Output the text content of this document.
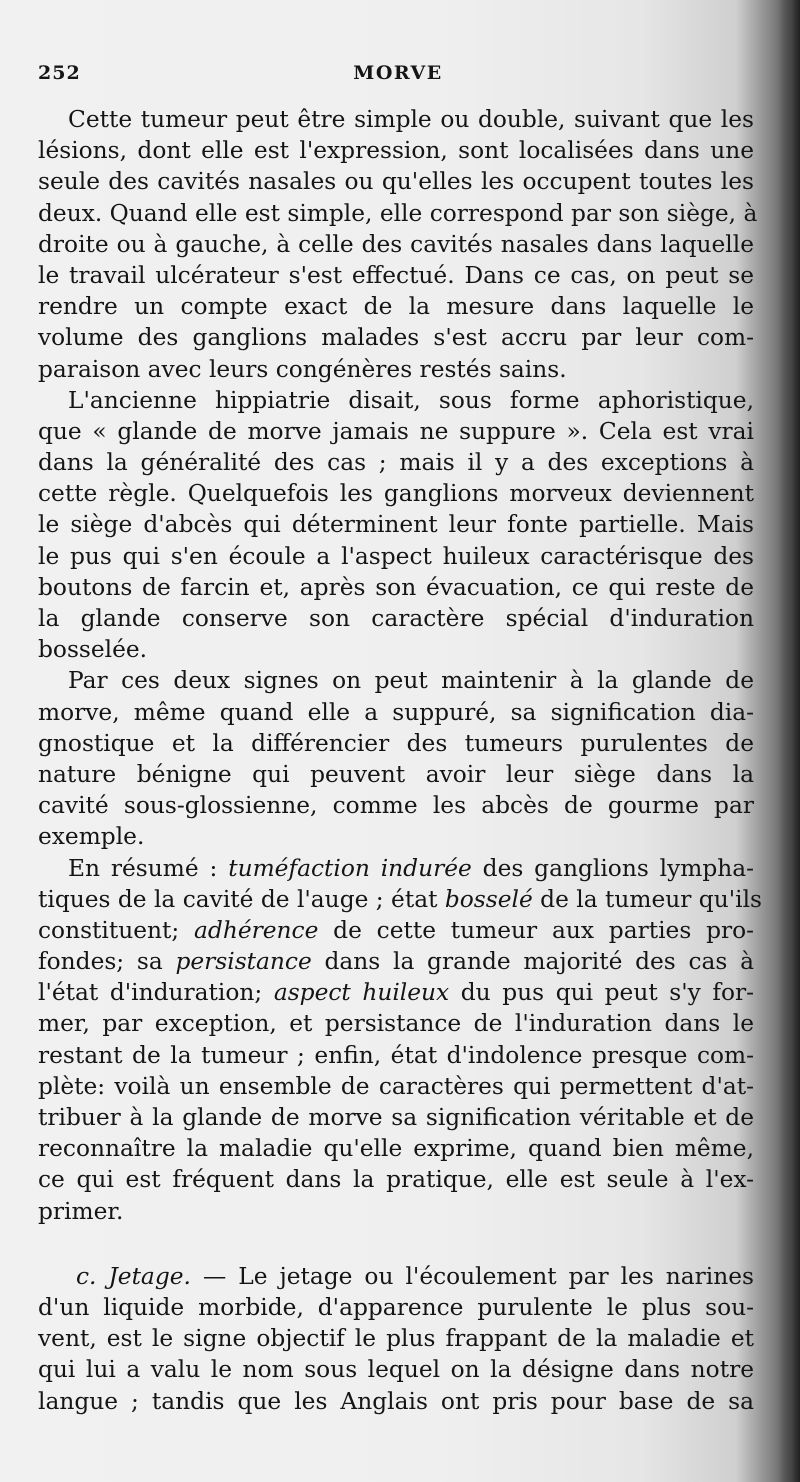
252	MORVE
Cette tumeur peut être simple ou double, suivant que les
lésions, dont elle est l'expression, sont localisées dans une
seule des cavités nasales ou qu'elles les occupent toutes les
deux. Quand elle est simple, elle correspond par son siège, à
droite ou à gauche, à celle des cavités nasales dans laquelle
le travail ulcérateur s'est effectué. Dans ce cas, on peut se
rendre un compte exact de la mesure dans laquelle le
volume des ganglions malades s'est accru par leur com-
paraison avec leurs congénères restés sains.
L'ancienne hippiatrie disait, sous forme aphoristique,
que « glande de morve jamais ne suppure ». Cela est vrai
dans la généralité des cas ; mais il y a des exceptions à
cette règle. Quelquefois les ganglions morveux deviennent
le siège d'abcès qui déterminent leur fonte partielle. Mais
le pus qui s'en écoule a l'aspect huileux caractérisque des
boutons de farcin et, après son évacuation, ce qui reste de
la glande conserve son caractère spécial d'induration
bosselée.
Par ces deux signes on peut maintenir à la glande de
morve, même quand elle a suppuré, sa signification dia-
gnostique et la différencier des tumeurs purulentes de
nature bénigne qui peuvent avoir leur siège dans la
cavité sous-glossienne, comme les abcès de gourme par
exemple.
En résumé : tuméfaction indurée des ganglions lympha-
tiques de la cavité de l'auge ; état bosselé de la tumeur qu'ils
constituent; adhérence de cette tumeur aux parties pro-
fondes; sa persistance dans la grande majorité des cas à
l'état d'induration; aspect huileux du pus qui peut s'y for-
mer, par exception, et persistance de l'induration dans le
restant de la tumeur ; enfin, état d'indolence presque com-
plète: voilà un ensemble de caractères qui permettent d'at-
tribuer à la glande de morve sa signification véritable et de
reconnaître la maladie qu'elle exprime, quand bien même,
ce qui est fréquent dans la pratique, elle est seule à l'ex-
primer.
c. Jetage. — Le jetage ou l'écoulement par les narines
d'un liquide morbide, d'apparence purulente le plus sou-
vent, est le signe objectif le plus frappant de la maladie et
qui lui a valu le nom sous lequel on la désigne dans notre
langue ; tandis que les Anglais ont pris pour base de sa
